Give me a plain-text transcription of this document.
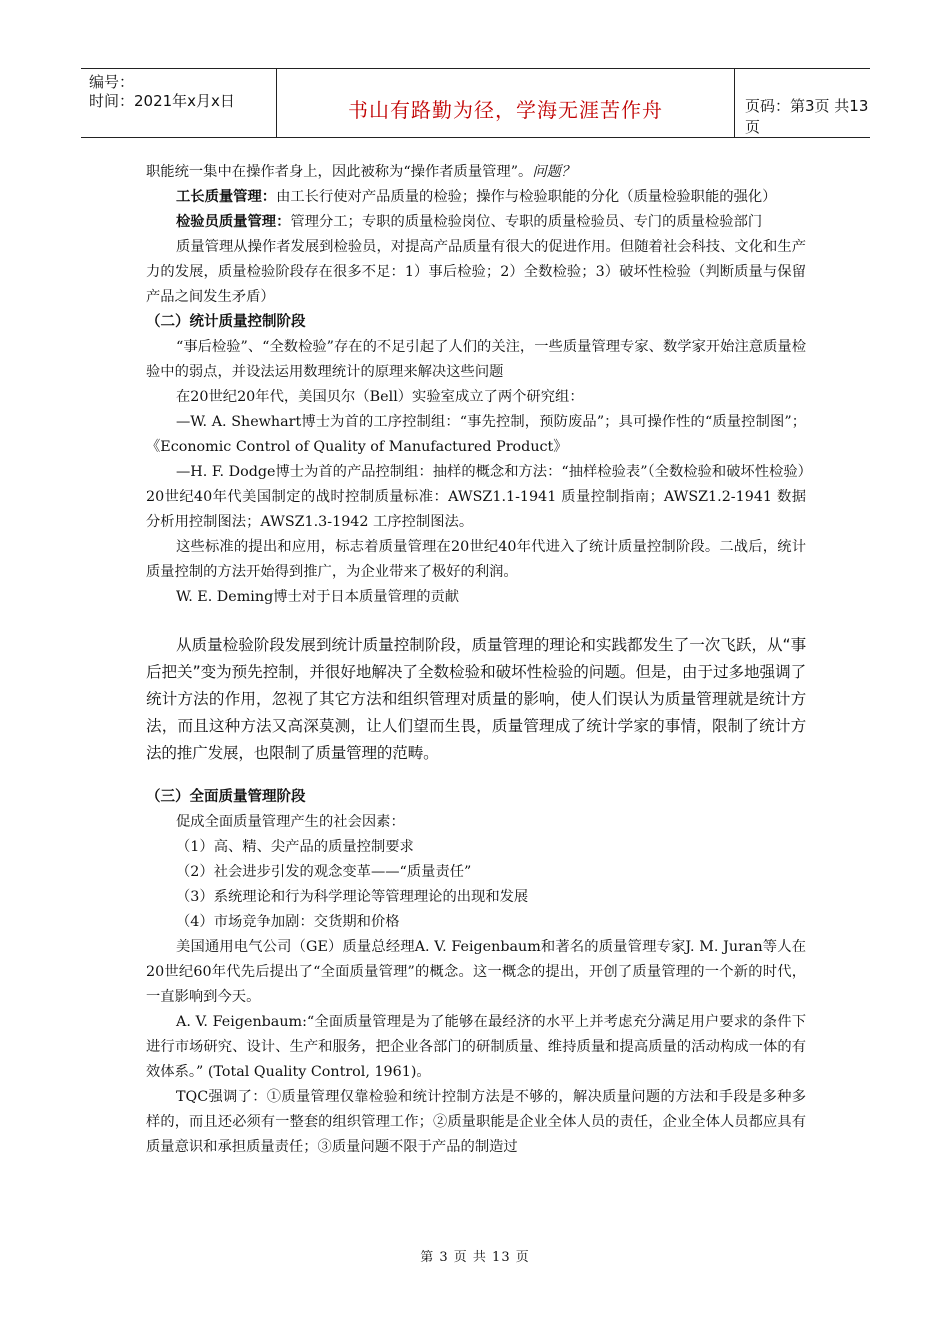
编号：
时间：2021年x月x日	书山有路勤为径，学海无涯苦作舟	页码：第3页 共13页

职能统一集中在操作者身上，因此被称为“操作者质量管理”。问题？

工长质量管理：由工长行使对产品质量的检验；操作与检验职能的分化（质量检验职能的强化）

检验员质量管理：管理分工；专职的质量检验岗位、专职的质量检验员、专门的质量检验部门

质量管理从操作者发展到检验员，对提高产品质量有很大的促进作用。但随着社会科技、文化和生产力的发展，质量检验阶段存在很多不足：1）事后检验；2）全数检验；3）破坏性检验（判断质量与保留产品之间发生矛盾）

（二）统计质量控制阶段

“事后检验”、“全数检验”存在的不足引起了人们的关注，一些质量管理专家、数学家开始注意质量检验中的弱点，并设法运用数理统计的原理来解决这些问题

在20世纪20年代，美国贝尔（Bell）实验室成立了两个研究组：

—W. A. Shewhart博士为首的工序控制组：“事先控制，预防废品”；具可操作性的“质量控制图”；《Economic Control of Quality of Manufactured Product》

—H. F. Dodge博士为首的产品控制组：抽样的概念和方法：“抽样检验表”（全数检验和破坏性检验）

20世纪40年代美国制定的战时控制质量标准：AWSZ1.1-1941 质量控制指南；AWSZ1.2-1941 数据分析用控制图法；AWSZ1.3-1942 工序控制图法。

这些标准的提出和应用，标志着质量管理在20世纪40年代进入了统计质量控制阶段。二战后，统计质量控制的方法开始得到推广，为企业带来了极好的利润。

W. E. Deming博士对于日本质量管理的贡献

从质量检验阶段发展到统计质量控制阶段，质量管理的理论和实践都发生了一次飞跃，从“事后把关”变为预先控制，并很好地解决了全数检验和破坏性检验的问题。但是，由于过多地强调了统计方法的作用，忽视了其它方法和组织管理对质量的影响，使人们误认为质量管理就是统计方法，而且这种方法又高深莫测，让人们望而生畏，质量管理成了统计学家的事情，限制了统计方法的推广发展，也限制了质量管理的范畴。

（三）全面质量管理阶段

促成全面质量管理产生的社会因素：

（1）高、精、尖产品的质量控制要求

（2）社会进步引发的观念变革——“质量责任”

（3）系统理论和行为科学理论等管理理论的出现和发展

（4）市场竞争加剧：交货期和价格

美国通用电气公司（GE）质量总经理A. V. Feigenbaum和著名的质量管理专家J. M. Juran等人在20世纪60年代先后提出了“全面质量管理”的概念。这一概念的提出，开创了质量管理的一个新的时代，一直影响到今天。

A. V. Feigenbaum:“全面质量管理是为了能够在最经济的水平上并考虑充分满足用户要求的条件下进行市场研究、设计、生产和服务，把企业各部门的研制质量、维持质量和提高质量的活动构成一体的有效体系。” (Total Quality Control, 1961)。

TQC强调了：①质量管理仅靠检验和统计控制方法是不够的，解决质量问题的方法和手段是多种多样的，而且还必须有一整套的组织管理工作；②质量职能是企业全体人员的责任，企业全体人员都应具有质量意识和承担质量责任；③质量问题不限于产品的制造过

第 3 页 共 13 页
